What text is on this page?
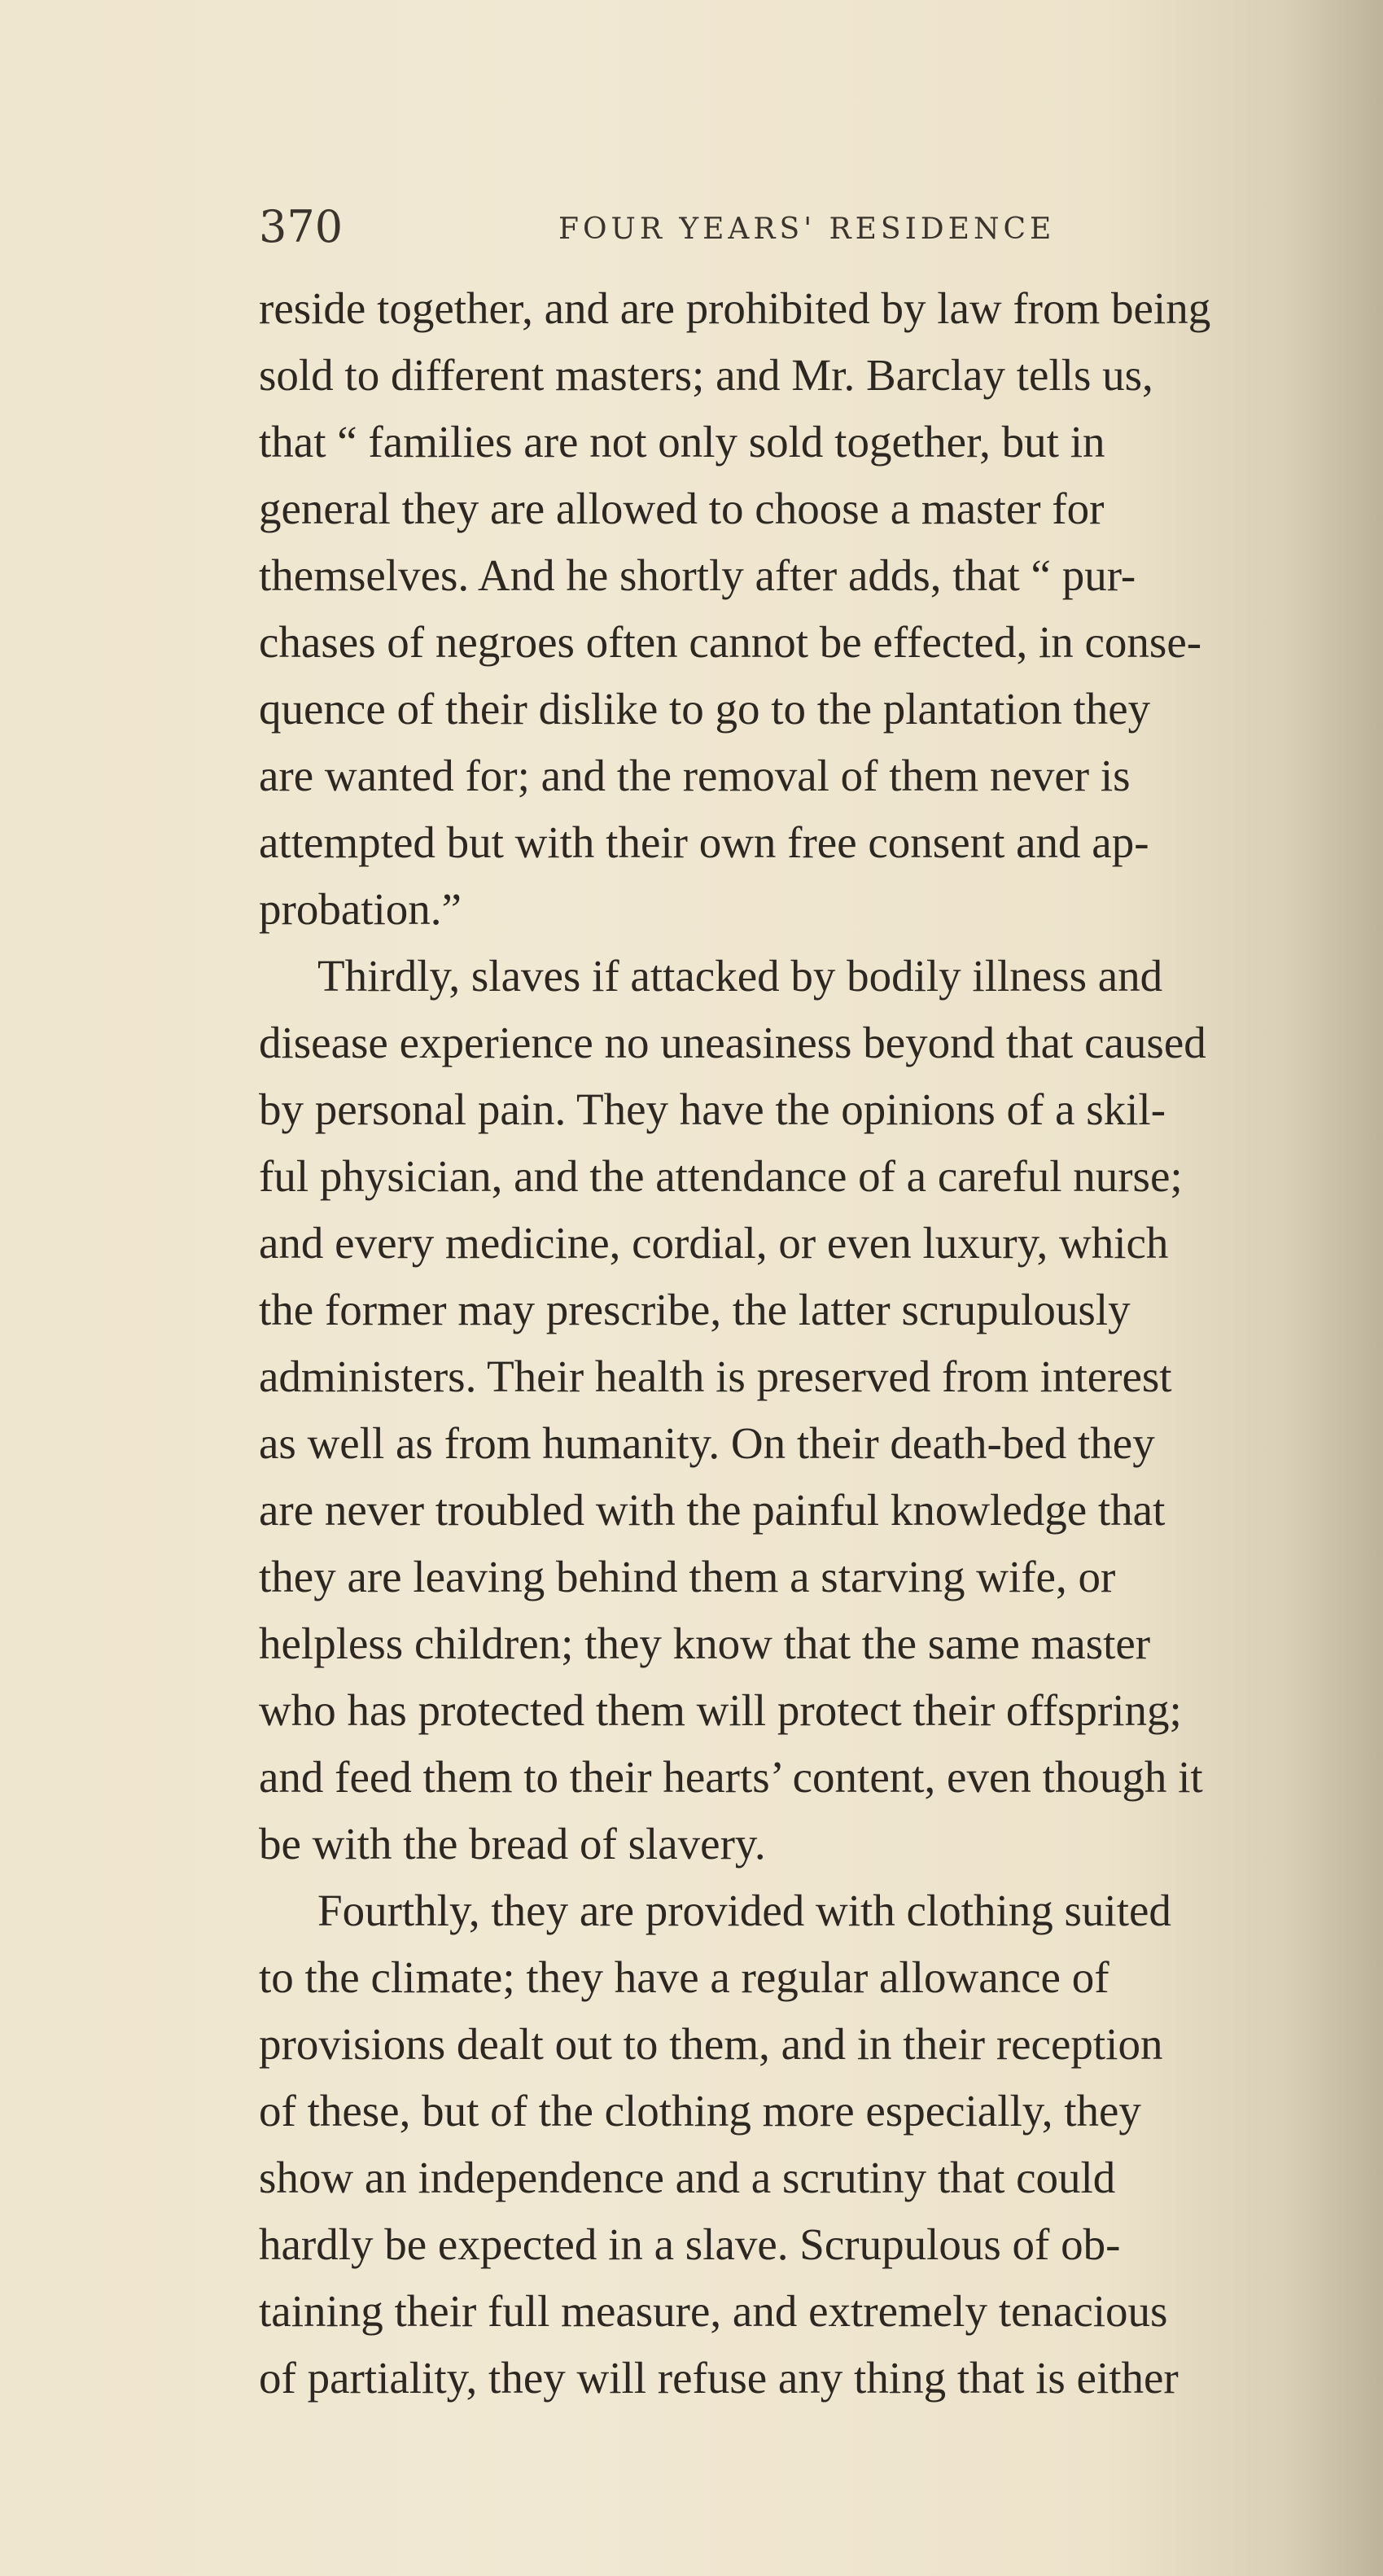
370	FOUR YEARS' RESIDENCE
reside together, and are prohibited by law from being
sold to different masters; and Mr. Barclay tells us,
that “ families are not only sold together, but in
general they are allowed to choose a master for
themselves. And he shortly after adds, that “ pur-
chases of negroes often cannot be effected, in conse-
quence of their dislike to go to the plantation they
are wanted for; and the removal of them never is
attempted but with their own free consent and ap-
probation.”
Thirdly, slaves if attacked by bodily illness and
disease experience no uneasiness beyond that caused
by personal pain. They have the opinions of a skil-
ful physician, and the attendance of a careful nurse;
and every medicine, cordial, or even luxury, which
the former may prescribe, the latter scrupulously
administers. Their health is preserved from interest
as well as from humanity. On their death-bed they
are never troubled with the painful knowledge that
they are leaving behind them a starving wife, or
helpless children; they know that the same master
who has protected them will protect their offspring;
and feed them to their hearts’ content, even though it
be with the bread of slavery.
Fourthly, they are provided with clothing suited
to the climate; they have a regular allowance of
provisions dealt out to them, and in their reception
of these, but of the clothing more especially, they
show an independence and a scrutiny that could
hardly be expected in a slave. Scrupulous of ob-
taining their full measure, and extremely tenacious
of partiality, they will refuse any thing that is either
